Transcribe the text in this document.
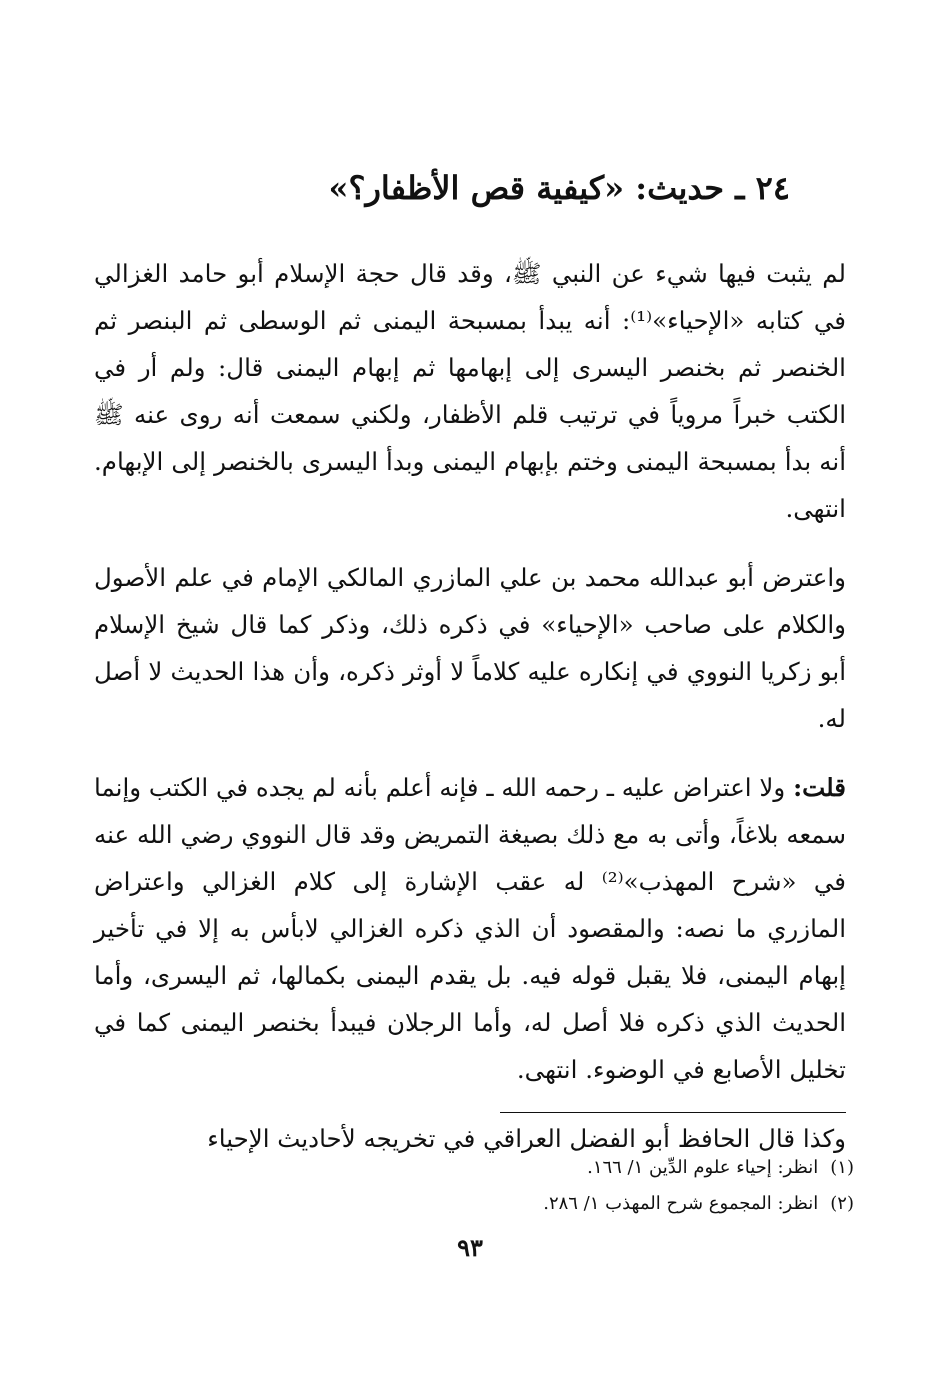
٢٤ ـ حديث: «كيفية قص الأظفار؟»

لم يثبت فيها شيء عن النبي ﷺ، وقد قال حجة الإسلام أبو حامد الغزالي في كتابه «الإحياء»⁽¹⁾: أنه يبدأ بمسبحة اليمنى ثم الوسطى ثم البنصر ثم الخنصر ثم بخنصر اليسرى إلى إبهامها ثم إبهام اليمنى قال: ولم أر في الكتب خبراً مروياً في ترتيب قلم الأظفار، ولكني سمعت أنه روى عنه ﷺ أنه بدأ بمسبحة اليمنى وختم بإبهام اليمنى وبدأ اليسرى بالخنصر إلى الإبهام. انتهى.

واعترض أبو عبدالله محمد بن علي المازري المالكي الإمام في علم الأصول والكلام على صاحب «الإحياء» في ذكره ذلك، وذكر كما قال شيخ الإسلام أبو زكريا النووي في إنكاره عليه كلاماً لا أوثر ذكره، وأن هذا الحديث لا أصل له.

قلت: ولا اعتراض عليه ـ رحمه الله ـ فإنه أعلم بأنه لم يجده في الكتب وإنما سمعه بلاغاً، وأتى به مع ذلك بصيغة التمريض وقد قال النووي رضي الله عنه في «شرح المهذب»⁽²⁾ له عقب الإشارة إلى كلام الغزالي واعتراض المازري ما نصه: والمقصود أن الذي ذكره الغزالي لابأس به إلا في تأخير إبهام اليمنى، فلا يقبل قوله فيه. بل يقدم اليمنى بكمالها، ثم اليسرى، وأما الحديث الذي ذكره فلا أصل له، وأما الرجلان فيبدأ بخنصر اليمنى كما في تخليل الأصابع في الوضوء. انتهى.

وكذا قال الحافظ أبو الفضل العراقي في تخريجه لأحاديث الإحياء

(١)انظر: إحياء علوم الدِّين ١/ ١٦٦.
(٢)انظر: المجموع شرح المهذب ١/ ٢٨٦.
٩٣
